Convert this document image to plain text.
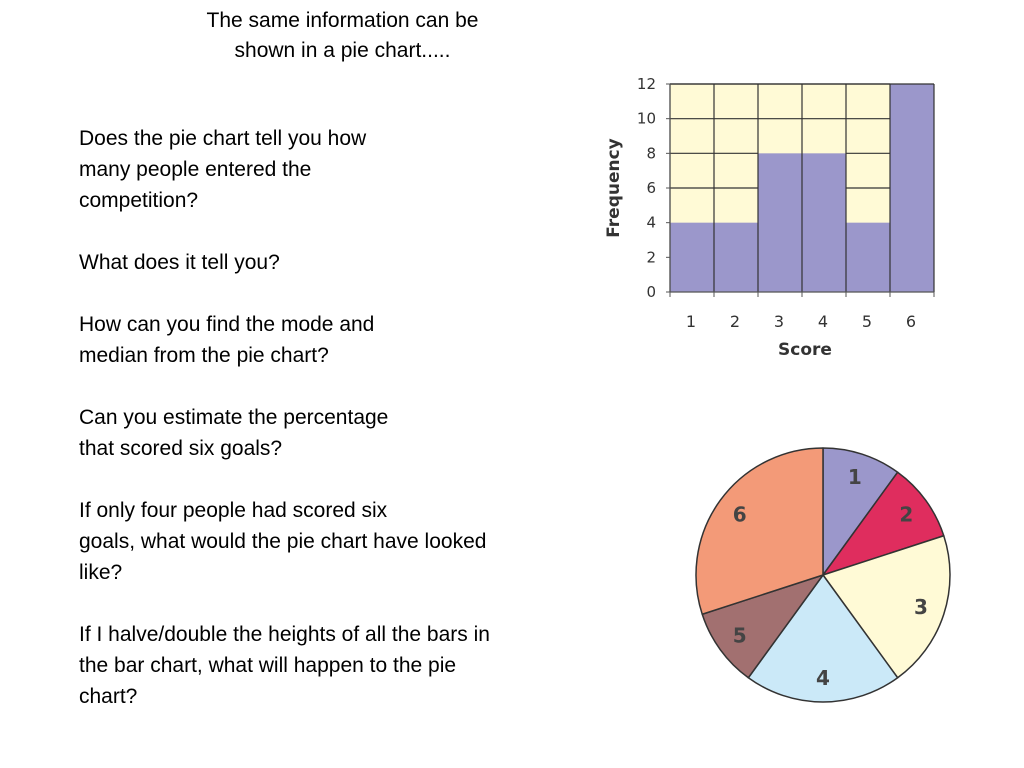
The same information can be
shown in a pie chart.....

Does the pie chart tell you how
many people entered the
competition?

What does it tell you?

How can you find the mode and
median from the pie chart?

Can you estimate the percentage
that scored six goals?

If only four people had scored six
goals, what would the pie chart have looked
like?

If I halve/double the heights of all the bars in
the bar chart, what will happen to the pie
chart?

0
2
4
6
8
10
12
1 2 3 4 5 6
Score
Frequency
1
2
3
4
5
6
